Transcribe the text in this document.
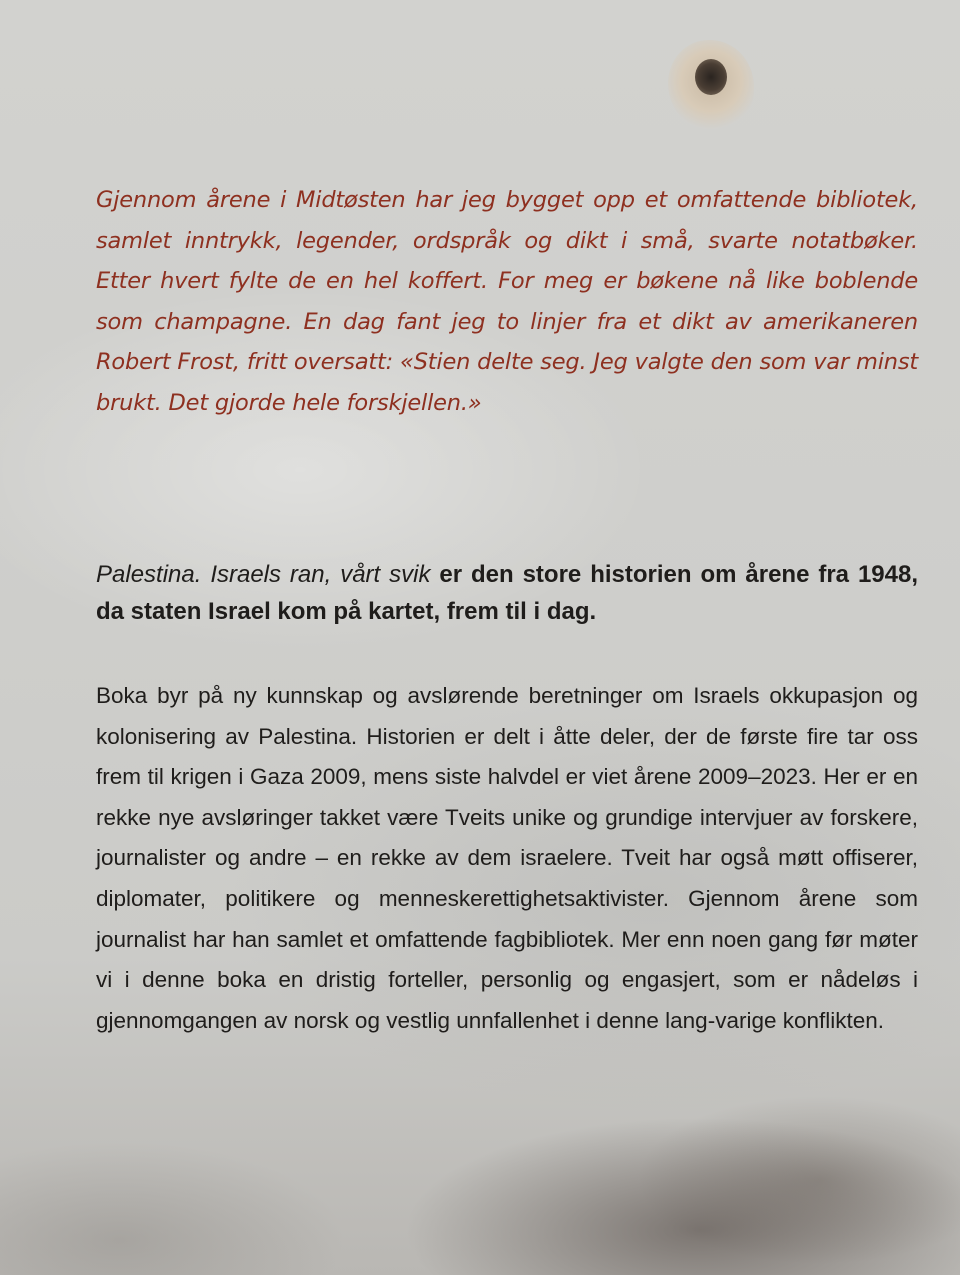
Gjennom årene i Midtøsten har jeg bygget opp et omfattende bibliotek, samlet inntrykk, legender, ordspråk og dikt i små, svarte notatbøker. Etter hvert fylte de en hel koffert. For meg er bøkene nå like boblende som champagne. En dag fant jeg to linjer fra et dikt av amerikaneren Robert Frost, fritt oversatt: «Stien delte seg. Jeg valgte den som var minst brukt. Det gjorde hele forskjellen.»

Palestina. Israels ran, vårt svik er den store historien om årene fra 1948, da staten Israel kom på kartet, frem til i dag.

Boka byr på ny kunnskap og avslørende beretninger om Israels okkupasjon og kolonisering av Palestina. Historien er delt i åtte deler, der de første fire tar oss frem til krigen i Gaza 2009, mens siste halvdel er viet årene 2009–2023. Her er en rekke nye avsløringer takket være Tveits unike og grundige intervjuer av forskere, journalister og andre – en rekke av dem israelere. Tveit har også møtt offiserer, diplomater, politikere og menneskerettighetsaktivister. Gjennom årene som journalist har han samlet et omfattende fagbibliotek. Mer enn noen gang før møter vi i denne boka en dristig forteller, personlig og engasjert, som er nådeløs i gjennomgangen av norsk og vestlig unnfallenhet i denne lang-varige konflikten.
